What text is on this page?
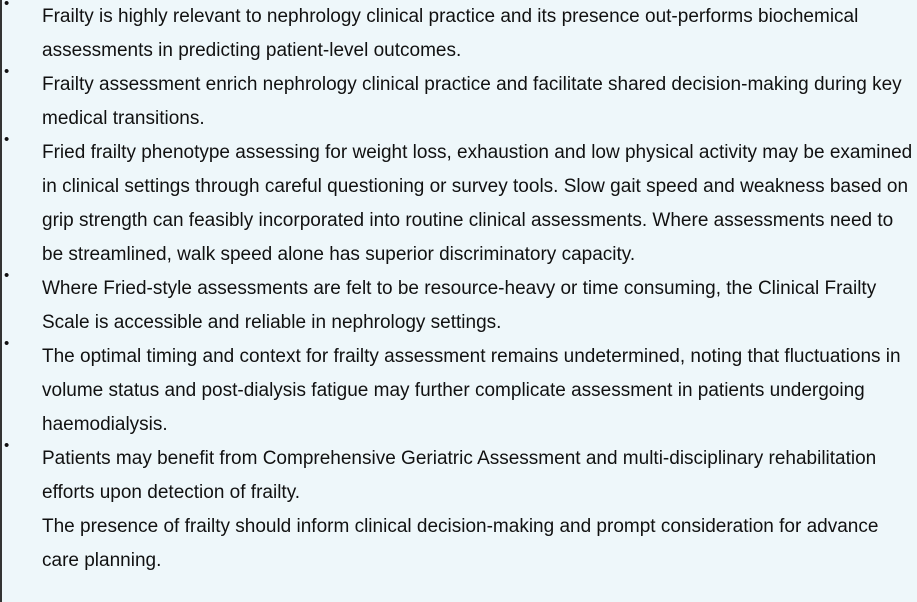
•
Frailty is highly relevant to nephrology clinical practice and its presence out-performs biochemical assessments in predicting patient-level outcomes.
•
Frailty assessment enrich nephrology clinical practice and facilitate shared decision-making during key medical transitions.
•
Fried frailty phenotype assessing for weight loss, exhaustion and low physical activity may be examined in clinical settings through careful questioning or survey tools. Slow gait speed and weakness based on grip strength can feasibly incorporated into routine clinical assessments. Where assessments need to be streamlined, walk speed alone has superior discriminatory capacity.
•
Where Fried-style assessments are felt to be resource-heavy or time consuming, the Clinical Frailty Scale is accessible and reliable in nephrology settings.
•
The optimal timing and context for frailty assessment remains undetermined, noting that fluctuations in volume status and post-dialysis fatigue may further complicate assessment in patients undergoing haemodialysis.
•
Patients may benefit from Comprehensive Geriatric Assessment and multi-disciplinary rehabilitation efforts upon detection of frailty.
The presence of frailty should inform clinical decision-making and prompt consideration for advance care planning.
